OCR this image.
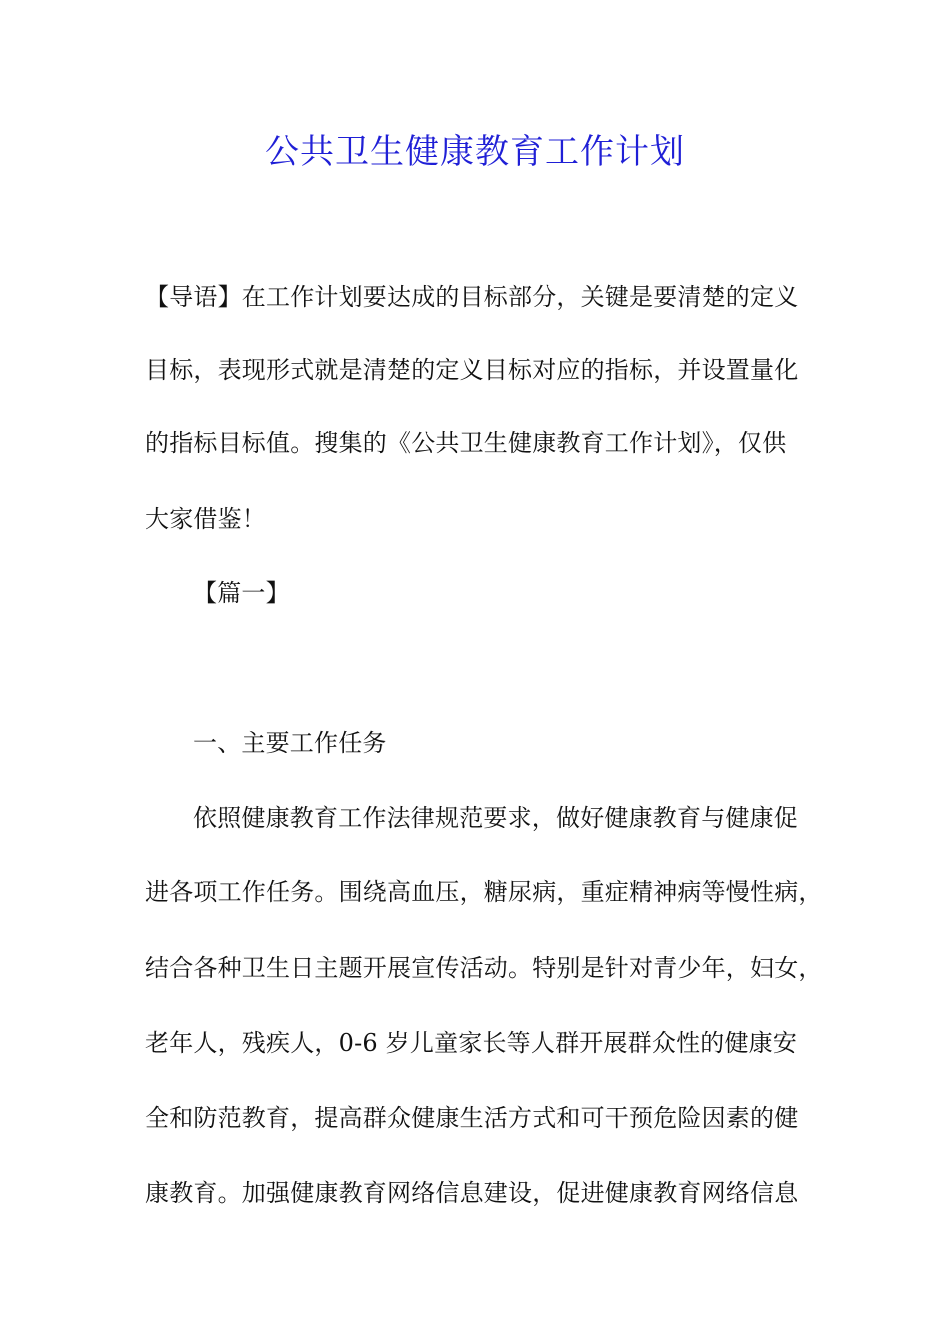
公共卫生健康教育工作计划
【导语】在工作计划要达成的目标部分，关键是要清楚的定义
目标，表现形式就是清楚的定义目标对应的指标，并设置量化
的指标目标值。搜集的《公共卫生健康教育工作计划》，仅供
大家借鉴！
【篇一】
一、主要工作任务
依照健康教育工作法律规范要求，做好健康教育与健康促
进各项工作任务。围绕高血压，糖尿病，重症精神病等慢性病，
结合各种卫生日主题开展宣传活动。特别是针对青少年，妇女，
老年人，残疾人，0-6 岁儿童家长等人群开展群众性的健康安
全和防范教育，提高群众健康生活方式和可干预危险因素的健
康教育。加强健康教育网络信息建设，促进健康教育网络信息
